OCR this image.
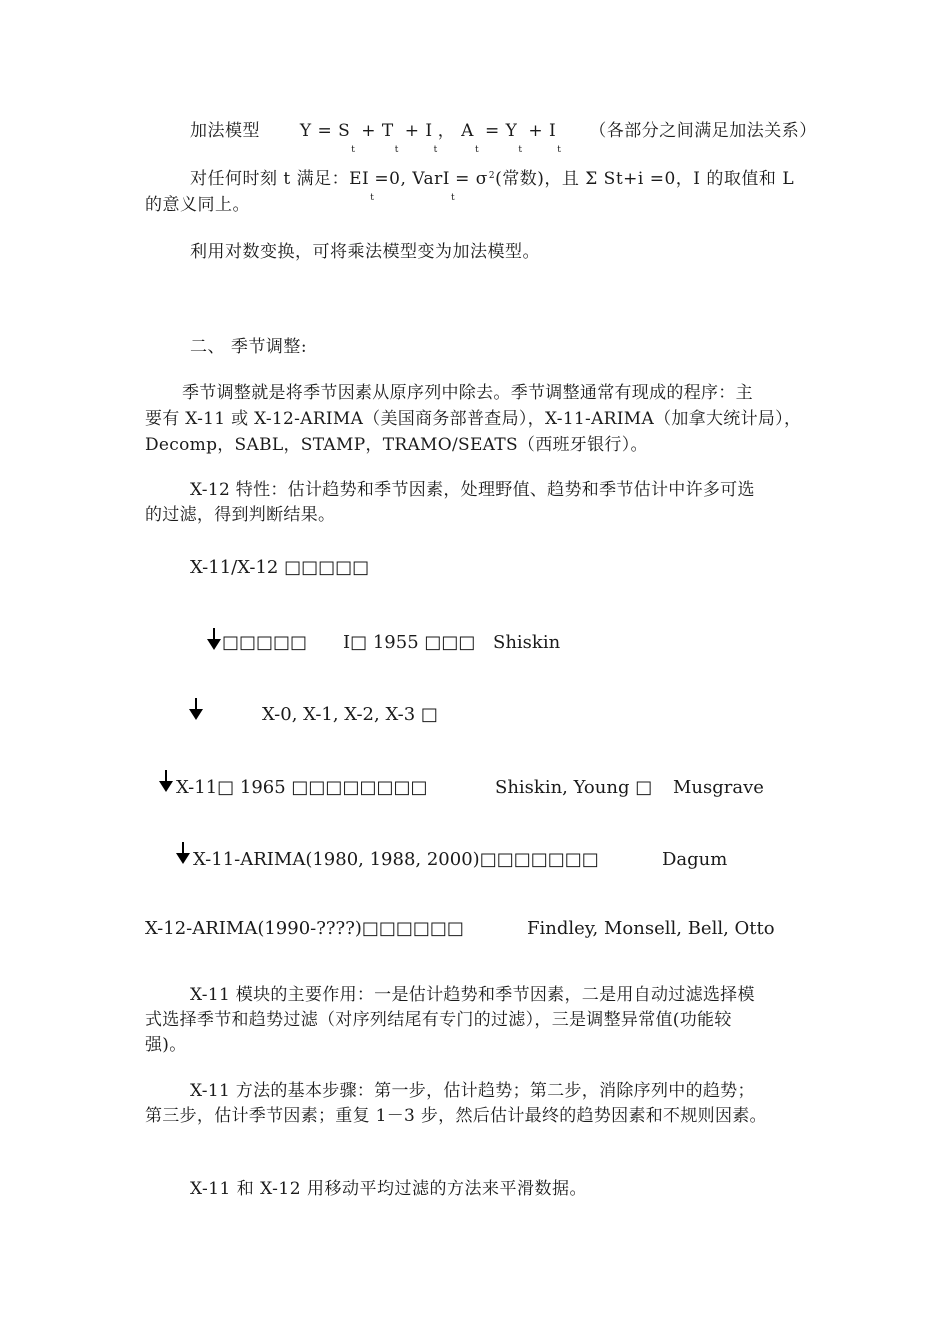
加法模型 $Y = S_t + T_t + I_t$， $A_t = Y_t + I_t$  （各部分之间满足加法关系）
对任何时刻 t 满足：$EI_t=0$, VarI$_t$= $\sigma^2$(常数)，且 Σ St+i =0，I 的取值和 L
的意义同上。
利用对数变换，可将乘法模型变为加法模型。
二、 季节调整:
季节调整就是将季节因素从原序列中除去。季节调整通常有现成的程序：主
要有 X-11 或 X-12-ARIMA（美国商务部普查局），X-11-ARIMA（加拿大统计局），
Decomp，SABL，STAMP，TRAMO/SEATS（西班牙银行）。
X-12 特性：估计趋势和季节因素，处理野值、趋势和季节估计中许多可选
的过滤，得到判断结果。
X-11/X-12 □□□□□
□□□□□ I□ 1955 □□□ Shiskin
X-0, X-1, X-2, X-3 □
X-11□ 1965 □□□□□□□□	Shiskin, Young □ Musgrave
X-11-ARIMA(1980, 1988, 2000)□□□□□□□	Dagum
X-12-ARIMA(1990-????)□□□□□□	Findley, Monsell, Bell, Otto
X-11 模块的主要作用：一是估计趋势和季节因素，二是用自动过滤选择模
式选择季节和趋势过滤（对序列结尾有专门的过滤），三是调整异常值(功能较
强)。
X-11 方法的基本步骤：第一步，估计趋势；第二步，消除序列中的趋势；
第三步，估计季节因素；重复 1－3 步，然后估计最终的趋势因素和不规则因素。
X-11 和 X-12 用移动平均过滤的方法来平滑数据。
